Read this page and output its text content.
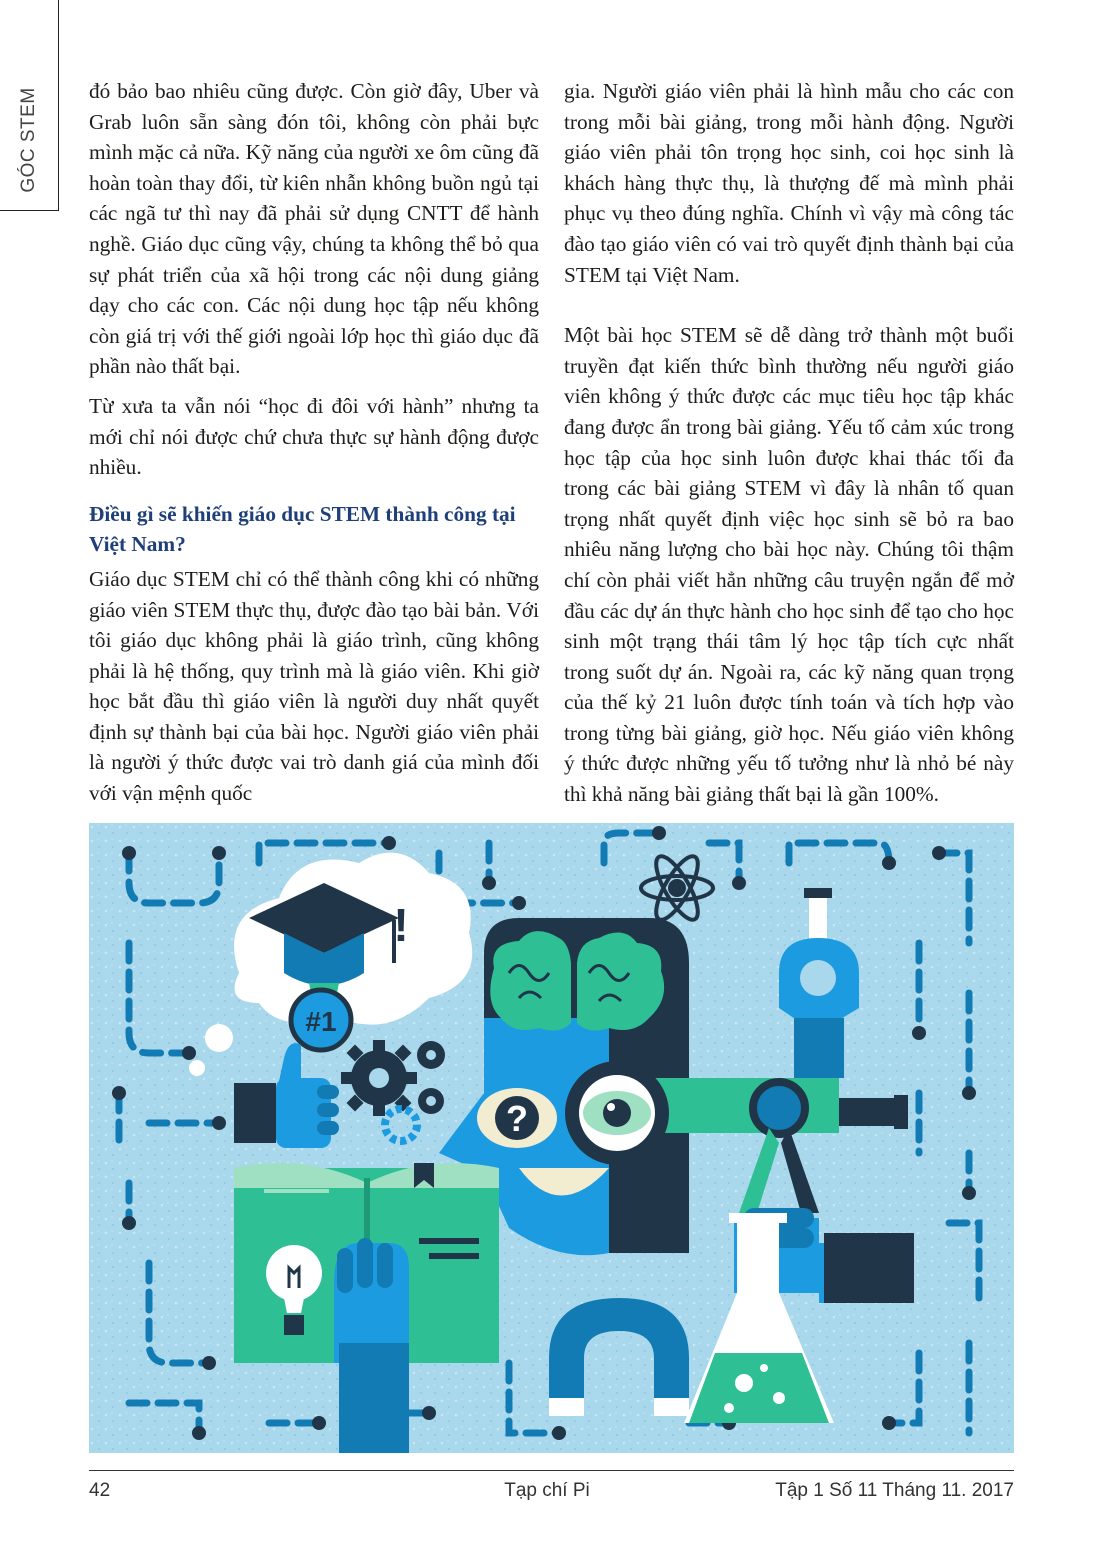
GÓC STEM đó bảo bao nhiêu cũng được. Còn giờ đây, Uber và Grab luôn sẵn sàng đón tôi, không còn phải bực mình mặc cả nữa. Kỹ năng của người xe ôm cũng đã hoàn toàn thay đổi, từ kiên nhẫn không buồn ngủ tại các ngã tư thì nay đã phải sử dụng CNTT để hành nghề. Giáo dục cũng vậy, chúng ta không thể bỏ qua sự phát triển của xã hội trong các nội dung giảng dạy cho các con. Các nội dung học tập nếu không còn giá trị với thế giới ngoài lớp học thì giáo dục đã phần nào thất bại.

Từ xưa ta vẫn nói “học đi đôi với hành” nhưng ta mới chỉ nói được chứ chưa thực sự hành động được nhiều.

Điều gì sẽ khiến giáo dục STEM thành công tại Việt Nam?

Giáo dục STEM chỉ có thể thành công khi có những giáo viên STEM thực thụ, được đào tạo bài bản. Với tôi giáo dục không phải là giáo trình, cũng không phải là hệ thống, quy trình mà là giáo viên. Khi giờ học bắt đầu thì giáo viên là người duy nhất quyết định sự thành bại của bài học. Người giáo viên phải là người ý thức được vai trò danh giá của mình đối với vận mệnh quốc

gia. Người giáo viên phải là hình mẫu cho các con trong mỗi bài giảng, trong mỗi hành động. Người giáo viên phải tôn trọng học sinh, coi học sinh là khách hàng thực thụ, là thượng đế mà mình phải phục vụ theo đúng nghĩa. Chính vì vậy mà công tác đào tạo giáo viên có vai trò quyết định thành bại của STEM tại Việt Nam.

Một bài học STEM sẽ dễ dàng trở thành một buổi truyền đạt kiến thức bình thường nếu người giáo viên không ý thức được các mục tiêu học tập khác đang được ẩn trong bài giảng. Yếu tố cảm xúc trong học tập của học sinh luôn được khai thác tối đa trong các bài giảng STEM vì đây là nhân tố quan trọng nhất quyết định việc học sinh sẽ bỏ ra bao nhiêu năng lượng cho bài học này. Chúng tôi thậm chí còn phải viết hẳn những câu truyện ngắn để mở đầu các dự án thực hành cho học sinh để tạo cho học sinh một trạng thái tâm lý học tập tích cực nhất trong suốt dự án. Ngoài ra, các kỹ năng quan trọng của thế kỷ 21 luôn được tính toán và tích hợp vào trong từng bài giảng, giờ học. Nếu giáo viên không ý thức được những yếu tố tưởng như là nhỏ bé này thì khả năng bài giảng thất bại là gần 100%.

#1
!
?
42	Tạp chí Pi	Tập 1 Số 11 Tháng 11. 2017
